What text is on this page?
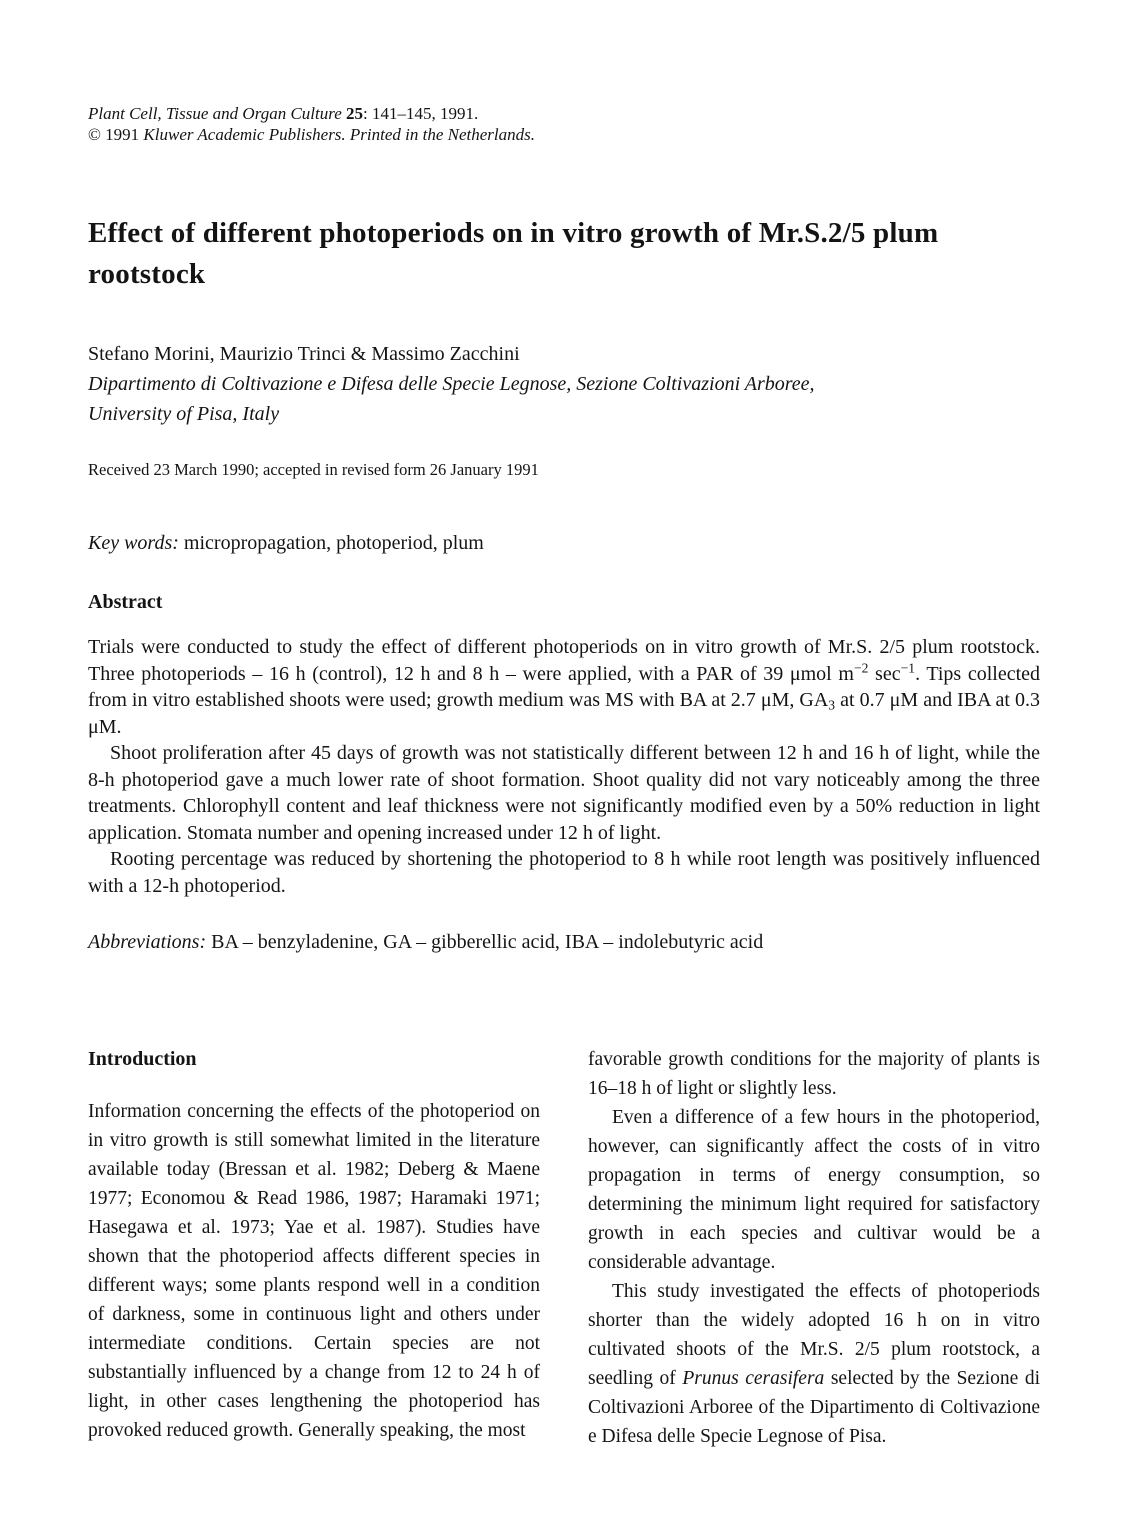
Plant Cell, Tissue and Organ Culture 25: 141–145, 1991.

© 1991 Kluwer Academic Publishers. Printed in the Netherlands.

Effect of different photoperiods on in vitro growth of Mr.S.2/5 plum rootstock

Stefano Morini, Maurizio Trinci & Massimo Zacchini

Dipartimento di Coltivazione e Difesa delle Specie Legnose, Sezione Coltivazioni Arboree,

University of Pisa, Italy

Received 23 March 1990; accepted in revised form 26 January 1991

Key words: micropropagation, photoperiod, plum

Abstract

Trials were conducted to study the effect of different photoperiods on in vitro growth of Mr.S. 2/5 plum rootstock. Three photoperiods – 16 h (control), 12 h and 8 h – were applied, with a PAR of 39 μmol $m^{-2}$ $\sec^{-1}$. Tips collected from in vitro established shoots were used; growth medium was MS with BA at 2.7 μM, $GA_3$ at 0.7 μM and IBA at 0.3 μM.

Shoot proliferation after 45 days of growth was not statistically different between 12 h and 16 h of light, while the 8-h photoperiod gave a much lower rate of shoot formation. Shoot quality did not vary noticeably among the three treatments. Chlorophyll content and leaf thickness were not significantly modified even by a 50% reduction in light application. Stomata number and opening increased under 12 h of light.

Rooting percentage was reduced by shortening the photoperiod to 8 h while root length was positively influenced with a 12-h photoperiod.

Abbreviations: BA – benzyladenine, GA – gibberellic acid, IBA – indolebutyric acid

Introduction

Information concerning the effects of the photoperiod on in vitro growth is still somewhat limited in the literature available today (Bressan et al. 1982; Deberg & Maene 1977; Economou & Read 1986, 1987; Haramaki 1971; Hasegawa et al. 1973; Yae et al. 1987). Studies have shown that the photoperiod affects different species in different ways; some plants respond well in a condition of darkness, some in continuous light and others under intermediate conditions. Certain species are not substantially influenced by a change from 12 to 24 h of light, in other cases lengthening the photoperiod has provoked reduced growth. Generally speaking, the most

favorable growth conditions for the majority of plants is 16–18 h of light or slightly less.

Even a difference of a few hours in the photoperiod, however, can significantly affect the costs of in vitro propagation in terms of energy consumption, so determining the minimum light required for satisfactory growth in each species and cultivar would be a considerable advantage.

This study investigated the effects of photoperiods shorter than the widely adopted 16 h on in vitro cultivated shoots of the Mr.S. 2/5 plum rootstock, a seedling of Prunus cerasifera selected by the Sezione di Coltivazioni Arboree of the Dipartimento di Coltivazione e Difesa delle Specie Legnose of Pisa.
